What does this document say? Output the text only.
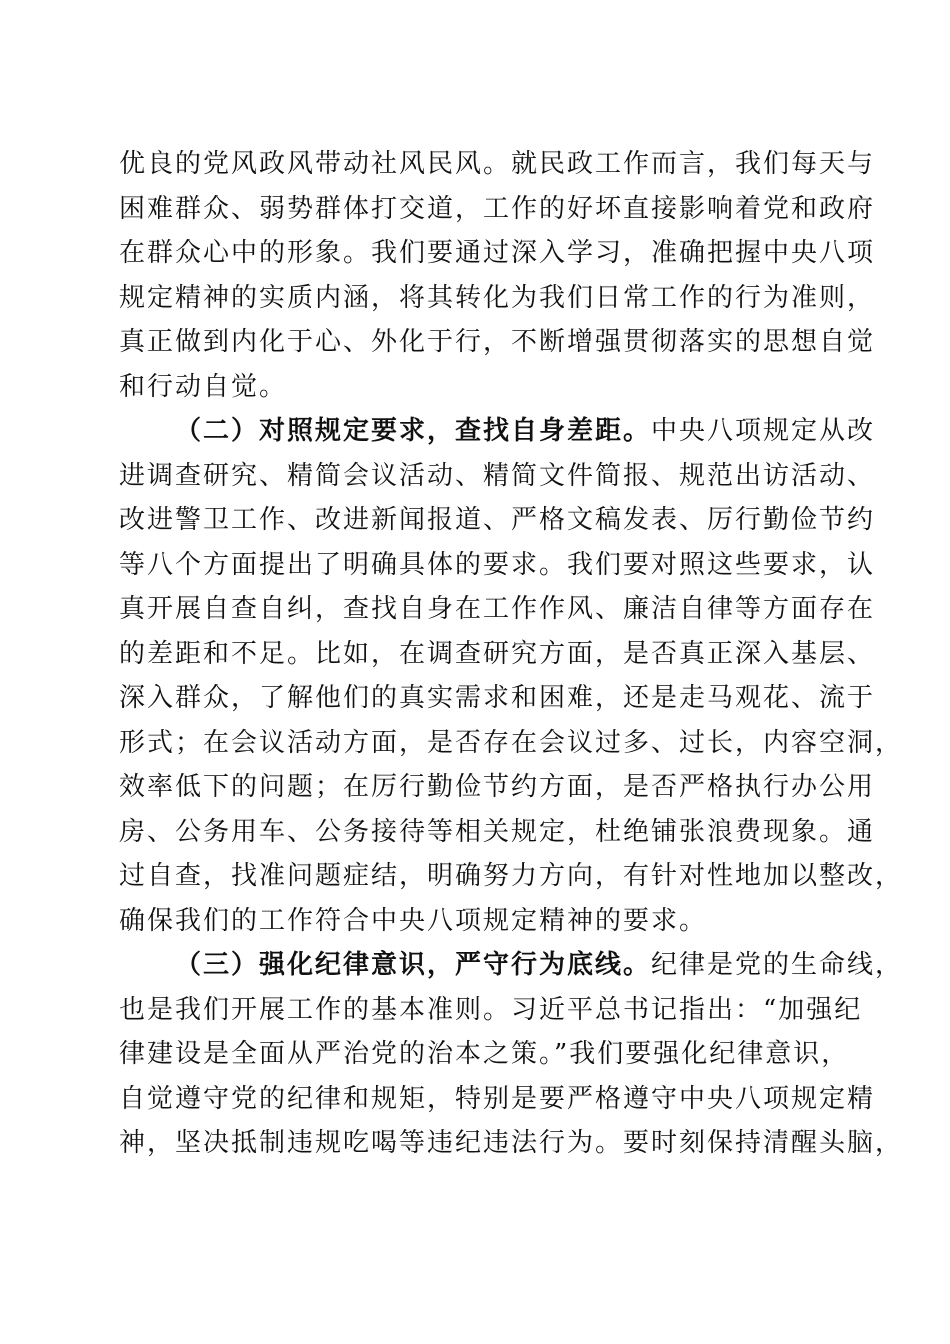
优良的党风政风带动社风民风。就民政工作而言，我们每天与
困难群众、弱势群体打交道，工作的好坏直接影响着党和政府
在群众心中的形象。我们要通过深入学习，准确把握中央八项
规定精神的实质内涵，将其转化为我们日常工作的行为准则，
真正做到内化于心、外化于行，不断增强贯彻落实的思想自觉
和行动自觉。
（二）对照规定要求，查找自身差距。中央八项规定从改
进调查研究、精简会议活动、精简文件简报、规范出访活动、
改进警卫工作、改进新闻报道、严格文稿发表、厉行勤俭节约
等八个方面提出了明确具体的要求。我们要对照这些要求，认
真开展自查自纠，查找自身在工作作风、廉洁自律等方面存在
的差距和不足。比如，在调查研究方面，是否真正深入基层、
深入群众，了解他们的真实需求和困难，还是走马观花、流于
形式；在会议活动方面，是否存在会议过多、过长，内容空洞，
效率低下的问题；在厉行勤俭节约方面，是否严格执行办公用
房、公务用车、公务接待等相关规定，杜绝铺张浪费现象。通
过自查，找准问题症结，明确努力方向，有针对性地加以整改，
确保我们的工作符合中央八项规定精神的要求。
（三）强化纪律意识，严守行为底线。纪律是党的生命线，
也是我们开展工作的基本准则。习近平总书记指出：“加强纪
律建设是全面从严治党的治本之策。”我们要强化纪律意识，
自觉遵守党的纪律和规矩，特别是要严格遵守中央八项规定精
神，坚决抵制违规吃喝等违纪违法行为。要时刻保持清醒头脑，
